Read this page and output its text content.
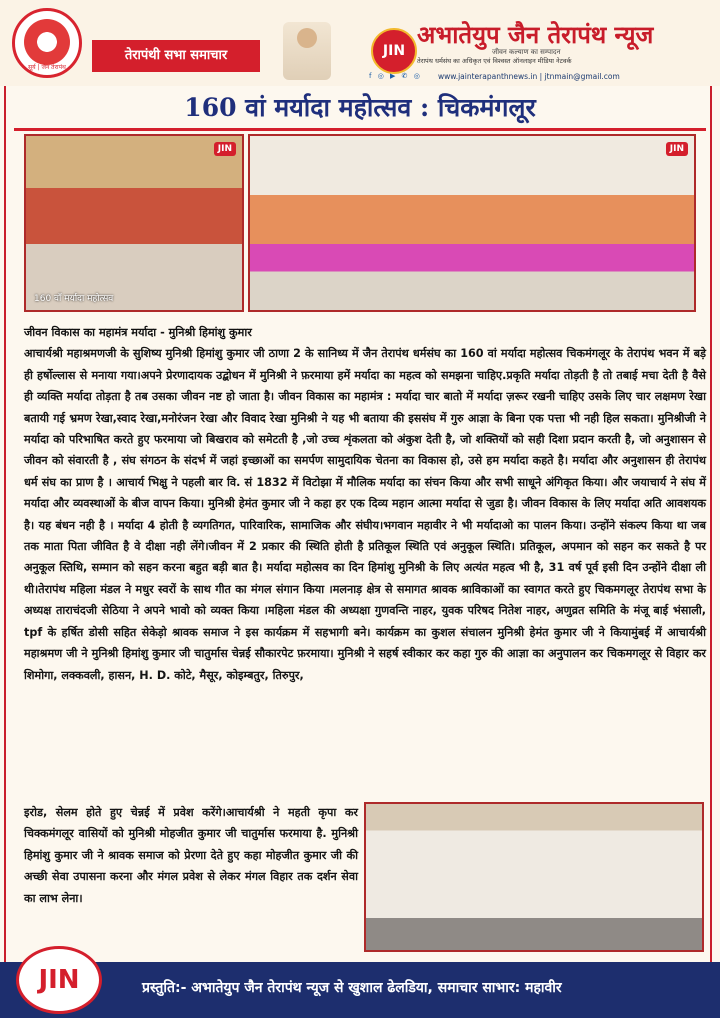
सूर्य | जैन तेरापंथ
तेरापंथी सभा समाचार	JIN
अभातेयुप जैन तेरापंथ न्यूज
जीवन कल्याण का सम्पादन
तेरापंथ धर्मसंघ का अधिकृत एवं विश्वस्त ऑनलाइन मीडिया नेटवर्क
f ◎ ▶ ✆ ◎ www.jainterapanthnews.in | jtnmain@gmail.com
160 वां मर्यादा महोत्सव : चिकमंगलूर
JIN
160 वाँ मर्यादा महोत्सव
JIN
जीवन विकास का महामंत्र मर्यादा - मुनिश्री हिमांशु कुमार
आचार्यश्री महाश्रमणजी के सुशिष्य मुनिश्री हिमांशु कुमार जी ठाणा 2 के सानिध्य में जैन तेरापंथ धर्मसंघ का 160 वां मर्यादा महोत्सव चिकमंगलूर के तेरापंथ भवन में बड़े ही हर्षोल्लास से मनाया गया।अपने प्रेरणादायक उद्बोधन में मुनिश्री ने फ़रमाया हमें मर्यादा का महत्व को समझना चाहिए.प्रकृति मर्यादा तोड़ती है तो तबाई मचा देती है वैसे ही व्यक्ति मर्यादा तोड़ता है तब उसका जीवन नष्ट हो जाता है। जीवन विकास का महामंत्र : मर्यादा चार बातो में मर्यादा ज़रूर रखनी चाहिए उसके लिए चार लक्षमण रेखा बतायी गई भ्रमण रेखा,स्वाद रेखा,मनोरंजन रेखा और विवाद रेखा मुनिश्री ने यह भी बताया की इससंघ में गुरु आज्ञा के बिना एक पत्ता भी नही हिल सकता। मुनिश्रीजी ने मर्यादा को परिभाषित करते हुए फरमाया जो बिखराव को समेटती है ,जो उच्च शृंकलता को अंकुश देती है, जो शक्तियों को सही दिशा प्रदान करती है, जो अनुशासन से जीवन को संवारती है , संघ संगठन के संदर्भ में जहां इच्छाओं का समर्पण सामुदायिक चेतना का विकास हो, उसे हम मर्यादा कहते है। मर्यादा और अनुशासन ही तेरापंथ धर्म संघ का प्राण है । आचार्य भिक्षु ने पहली बार वि. सं 1832 में विटोझा में मौलिक मर्यादा का संचन किया और सभी साधूने अंगिकृत किया। और जयाचार्य ने संघ में मर्यादा और व्यवस्थाओं के बीज वापन किया। मुनिश्री हेमंत कुमार जी ने कहा हर एक दिव्य महान आत्मा मर्यादा से जुडा है। जीवन विकास के लिए मर्यादा अति आवशयक है। यह बंधन नही है । मर्यादा 4 होती है व्यगतिगत, पारिवारिक, सामाजिक और संघीय।भगवान महावीर ने भी मर्यादाओ का पालन किया। उन्होंने संकल्प किया था जब तक माता पिता जीवित है वे दीक्षा नही लेंगे।जीवन में 2 प्रकार की स्थिति होती है प्रतिकूल स्थिति एवं अनुकूल स्थिति। प्रतिकूल, अपमान को सहन कर सकते है पर अनुकूल स्तिथि, सम्मान को सहन करना बहुत बड़ी बात है। मर्यादा महोत्सव का दिन हिमांशु मुनिश्री के लिए अत्यंत महत्व भी है, 31 वर्ष पूर्व इसी दिन उन्होंने दीक्षा ली थी।तेरापंथ महिला मंडल ने मधुर स्वरों के साथ गीत का मंगल संगान किया ।मलनाड़ क्षेत्र से समागत श्रावक श्राविकाओं का स्वागत करते हुए चिकमगलूर तेरापंथ सभा के अध्यक्ष ताराचंदजी सेठिया ने अपने भावो को व्यक्त किया ।महिला मंडल की अध्यक्षा गुणवन्ति नाहर, युवक परिषद नितेश नाहर, अणुव्रत समिति के मंजू बाई भंसाली, tpf के हर्षित डोसी सहित सेकेड़ो श्रावक समाज ने इस कार्यक्रम में सहभागी बने। कार्यक्रम का कुशल संचालन मुनिश्री हेमंत कुमार जी ने कियामुंबई में आचार्यश्री महाश्रमण जी ने मुनिश्री हिमांशु कुमार जी चातुर्मास चेन्नई सौकारपेट फ़रमाया। मुनिश्री ने सहर्ष स्वीकार कर कहा गुरु की आज्ञा का अनुपालन कर चिकमगलूर से विहार कर शिमोगा, लक्कवली, हासन, H. D. कोटे, मैसूर, कोइम्बतुर, तिरुपुर,
इरोड, सेलम होते हुए चेन्नई में प्रवेश करेंगे।आचार्यश्री ने महती कृपा कर चिक्कमंगलूर वासियों को मुनिश्री मोहजीत कुमार जी चातुर्मास फरमाया है. मुनिश्री हिमांशु कुमार जी ने श्रावक समाज को प्रेरणा देते हुए कहा मोहजीत कुमार जी की अच्छी सेवा उपासना करना और मंगल प्रवेश से लेकर मंगल विहार तक दर्शन सेवा का लाभ लेना।
JIN	प्रस्तुति:- अभातेयुप जैन तेरापंथ न्यूज से खुशाल ढेलडिया, समाचार साभार: महावीर
